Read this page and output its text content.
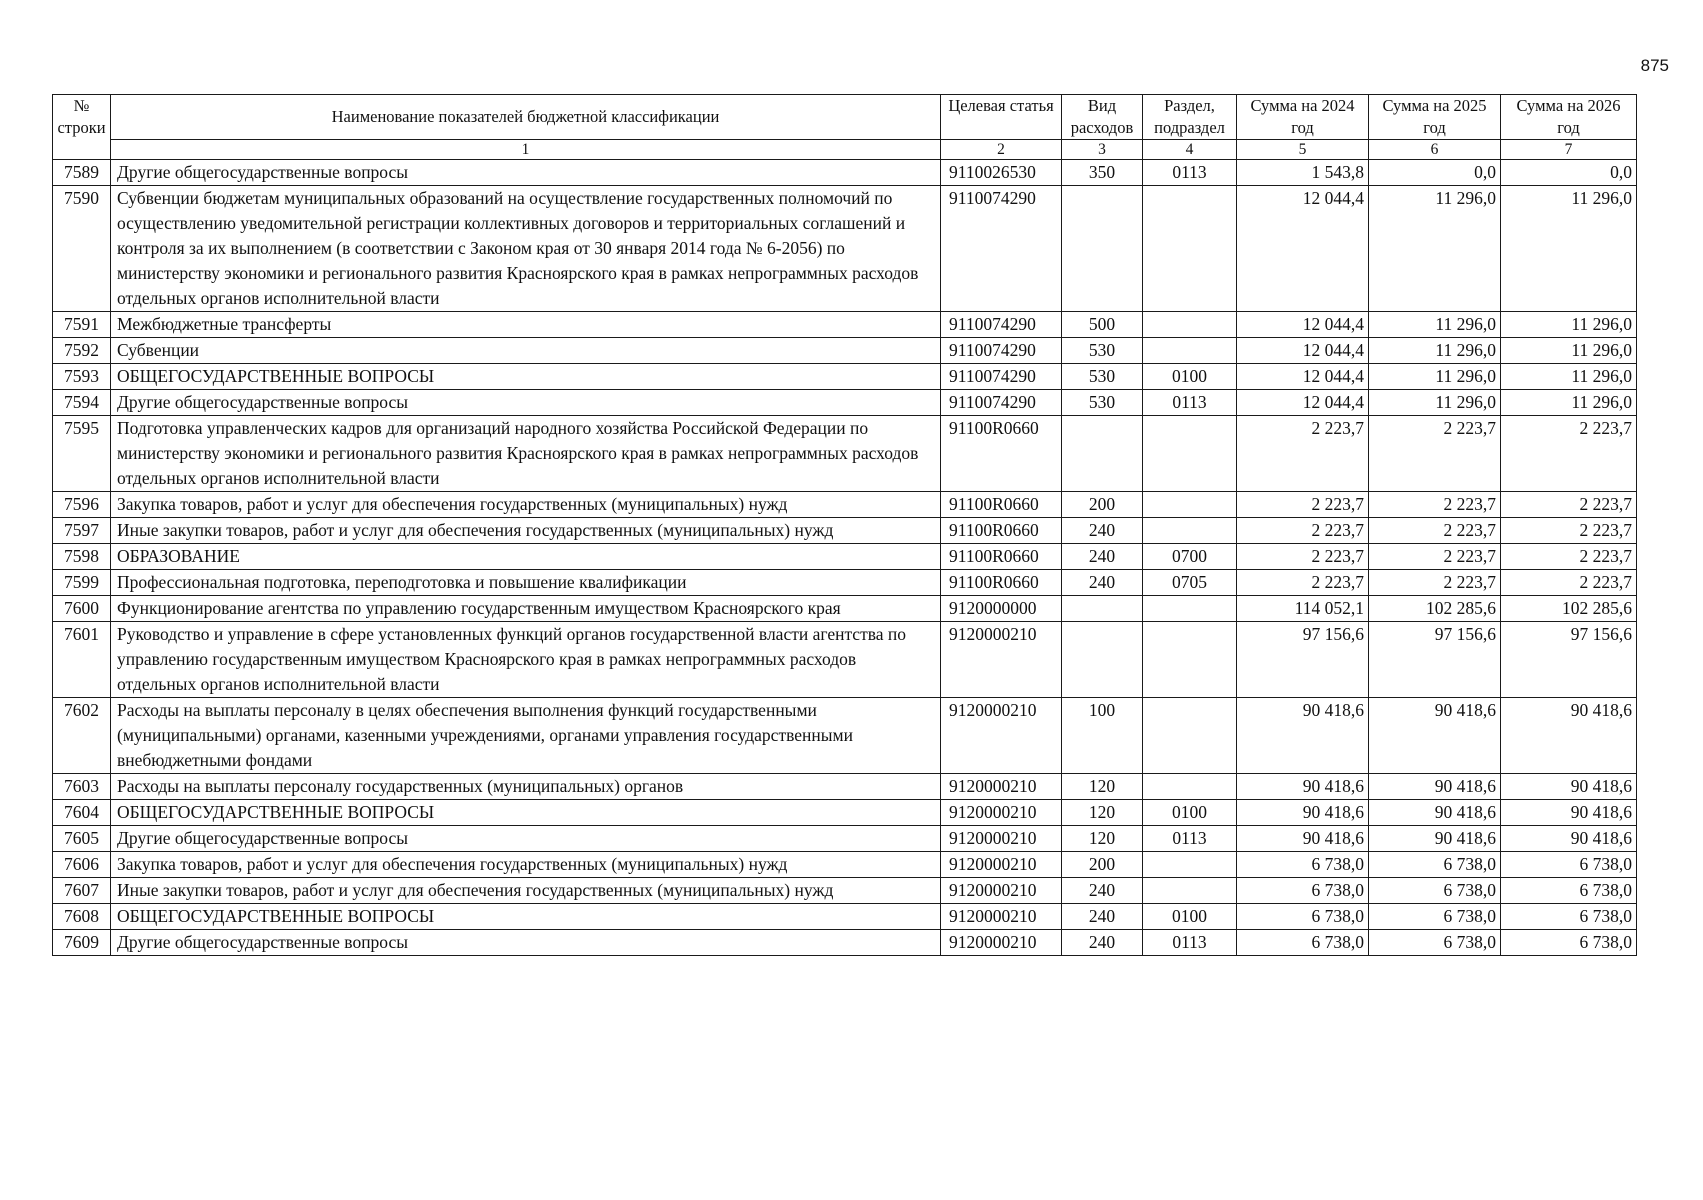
875
№ строки	Наименование показателей бюджетной классификации	Целевая статья	Вид расходов	Раздел, подраздел	Сумма на 2024 год	Сумма на 2025 год	Сумма на 2026 год
	1	2	3	4	5	6	7
7589	Другие общегосударственные вопросы	9110026530	350	0113	1 543,8	0,0	0,0
7590	Субвенции бюджетам муниципальных образований на осуществление государственных полномочий по осуществлению уведомительной регистрации коллективных договоров и территориальных соглашений и контроля за их выполнением (в соответствии с Законом края от 30 января 2014 года № 6-2056) по министерству экономики и регионального развития Красноярского края в рамках непрограммных расходов отдельных органов исполнительной власти	9110074290			12 044,4	11 296,0	11 296,0
7591	Межбюджетные трансферты	9110074290	500		12 044,4	11 296,0	11 296,0
7592	Субвенции	9110074290	530		12 044,4	11 296,0	11 296,0
7593	ОБЩЕГОСУДАРСТВЕННЫЕ ВОПРОСЫ	9110074290	530	0100	12 044,4	11 296,0	11 296,0
7594	Другие общегосударственные вопросы	9110074290	530	0113	12 044,4	11 296,0	11 296,0
7595	Подготовка управленческих кадров для организаций народного хозяйства Российской Федерации по министерству экономики и регионального развития Красноярского края в рамках непрограммных расходов отдельных органов исполнительной власти	91100R0660			2 223,7	2 223,7	2 223,7
7596	Закупка товаров, работ и услуг для обеспечения государственных (муниципальных) нужд	91100R0660	200		2 223,7	2 223,7	2 223,7
7597	Иные закупки товаров, работ и услуг для обеспечения государственных (муниципальных) нужд	91100R0660	240		2 223,7	2 223,7	2 223,7
7598	ОБРАЗОВАНИЕ	91100R0660	240	0700	2 223,7	2 223,7	2 223,7
7599	Профессиональная подготовка, переподготовка и повышение квалификации	91100R0660	240	0705	2 223,7	2 223,7	2 223,7
7600	Функционирование агентства по управлению государственным имуществом Красноярского края	9120000000			114 052,1	102 285,6	102 285,6
7601	Руководство и управление в сфере установленных функций органов государственной власти агентства по управлению государственным имуществом Красноярского края в рамках непрограммных расходов отдельных органов исполнительной власти	9120000210			97 156,6	97 156,6	97 156,6
7602	Расходы на выплаты персоналу в целях обеспечения выполнения функций государственными (муниципальными) органами, казенными учреждениями, органами управления государственными внебюджетными фондами	9120000210	100		90 418,6	90 418,6	90 418,6
7603	Расходы на выплаты персоналу государственных (муниципальных) органов	9120000210	120		90 418,6	90 418,6	90 418,6
7604	ОБЩЕГОСУДАРСТВЕННЫЕ ВОПРОСЫ	9120000210	120	0100	90 418,6	90 418,6	90 418,6
7605	Другие общегосударственные вопросы	9120000210	120	0113	90 418,6	90 418,6	90 418,6
7606	Закупка товаров, работ и услуг для обеспечения государственных (муниципальных) нужд	9120000210	200		6 738,0	6 738,0	6 738,0
7607	Иные закупки товаров, работ и услуг для обеспечения государственных (муниципальных) нужд	9120000210	240		6 738,0	6 738,0	6 738,0
7608	ОБЩЕГОСУДАРСТВЕННЫЕ ВОПРОСЫ	9120000210	240	0100	6 738,0	6 738,0	6 738,0
7609	Другие общегосударственные вопросы	9120000210	240	0113	6 738,0	6 738,0	6 738,0
